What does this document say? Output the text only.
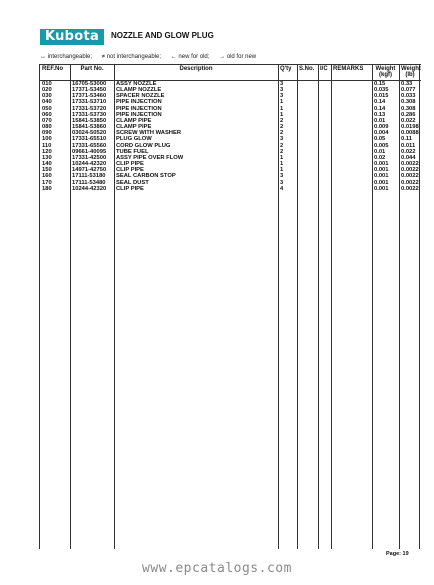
Kubota	NOZZLE AND GLOW PLUG
↔ interchangeable; ≠ not interchangeable; ← new for old; → old for new
REF.No	Part No.	Description	Q'ty	S.No.	I/C	REMARKS	Weight (kgf)	Weight (lb)
010	16705-53000	ASSY NOZZLE	3				0.15	0.33
020	17371-53450	CLAMP NOZZLE	3				0.035	0.077
030	17371-53460	SPACER NOZZLE	3				0.015	0.033
040	17331-53710	PIPE INJECTION	1				0.14	0.308
050	17331-53720	PIPE INJECTION	1				0.14	0.308
060	17331-53730	PIPE INJECTION	1				0.13	0.286
070	15841-53850	CLAMP PIPE	2				0.01	0.022
080	15841-53860	CLAMP PIPE	2				0.009	0.0198
090	03024-50520	SCREW WITH WASHER	2				0.004	0.0088
100	17331-65510	PLUG GLOW	3				0.05	0.11
110	17331-65560	CORD GLOW PLUG	2				0.005	0.011
120	09661-40095	TUBE FUEL	2				0.01	0.022
130	17331-42500	ASSY PIPE OVER FLOW	1				0.02	0.044
140	10244-42320	CLIP PIPE	1				0.001	0.0022
150	14971-42750	CLIP PIPE	1				0.001	0.0022
160	17111-53180	SEAL CARBON STOP	3				0.001	0.0022
170	17111-53480	SEAL DUST	3				0.001	0.0022
180	10244-42320	CLIP PIPE	4				0.001	0.0022
Page: 19
www.epcatalogs.com
